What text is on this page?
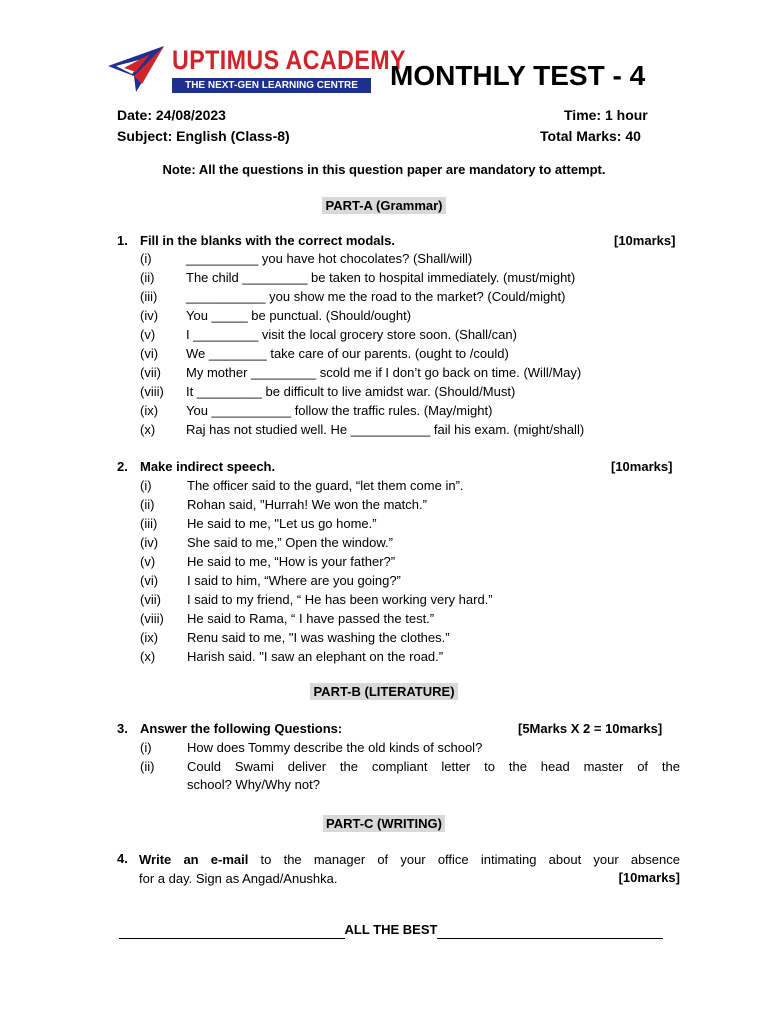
UPTIMUS ACADEMY
THE NEXT-GEN LEARNING CENTRE	MONTHLY TEST - 4
Date: 24/08/2023	Time: 1 hour
Subject: English (Class-8)	Total Marks: 40
Note: All the questions in this question paper are mandatory to attempt.
PART-A (Grammar)
1. Fill in the blanks with the correct modals.	[10marks]
(i)	__________ you have hot chocolates? (Shall/will)
(ii) The child _________ be taken to hospital immediately. (must/might)
(iii) ___________ you show me the road to the market? (Could/might)
(iv) You _____ be punctual. (Should/ought)
(v) I _________ visit the local grocery store soon. (Shall/can)
(vi) We ________ take care of our parents. (ought to /could)
(vii) My mother _________ scold me if I don’t go back on time. (Will/May)
(viii) It _________ be difficult to live amidst war. (Should/Must)
(ix) You ___________ follow the traffic rules. (May/might)
(x) Raj has not studied well. He ___________ fail his exam. (might/shall)
2. Make indirect speech.	[10marks]
(i)	The officer said to the guard, “let them come in”.
(ii)	Rohan said, "Hurrah! We won the match.”
(iii) He said to me, "Let us go home.”
(iv) She said to me,” Open the window.”
(v) He said to me, “How is your father?”
(vi) I said to him, “Where are you going?”
(vii) I said to my friend, “ He has been working very hard.”
(viii) He said to Rama, “ I have passed the test.”
(ix) Renu said to me, "I was washing the clothes.”
(x) Harish said. "I saw an elephant on the road.”
PART-B (LITERATURE)
3. Answer the following Questions:	[5Marks X 2 = 10marks]
(i)	How does Tommy describe the old kinds of school?
(ii)	Could Swami deliver the compliant letter to the head master of the
school? Why/Why not?
PART-C (WRITING)
4. Write an e-mail to the manager of your office intimating about your absence
for a day. Sign as Angad/Anushka.	[10marks]
ALL THE BEST
